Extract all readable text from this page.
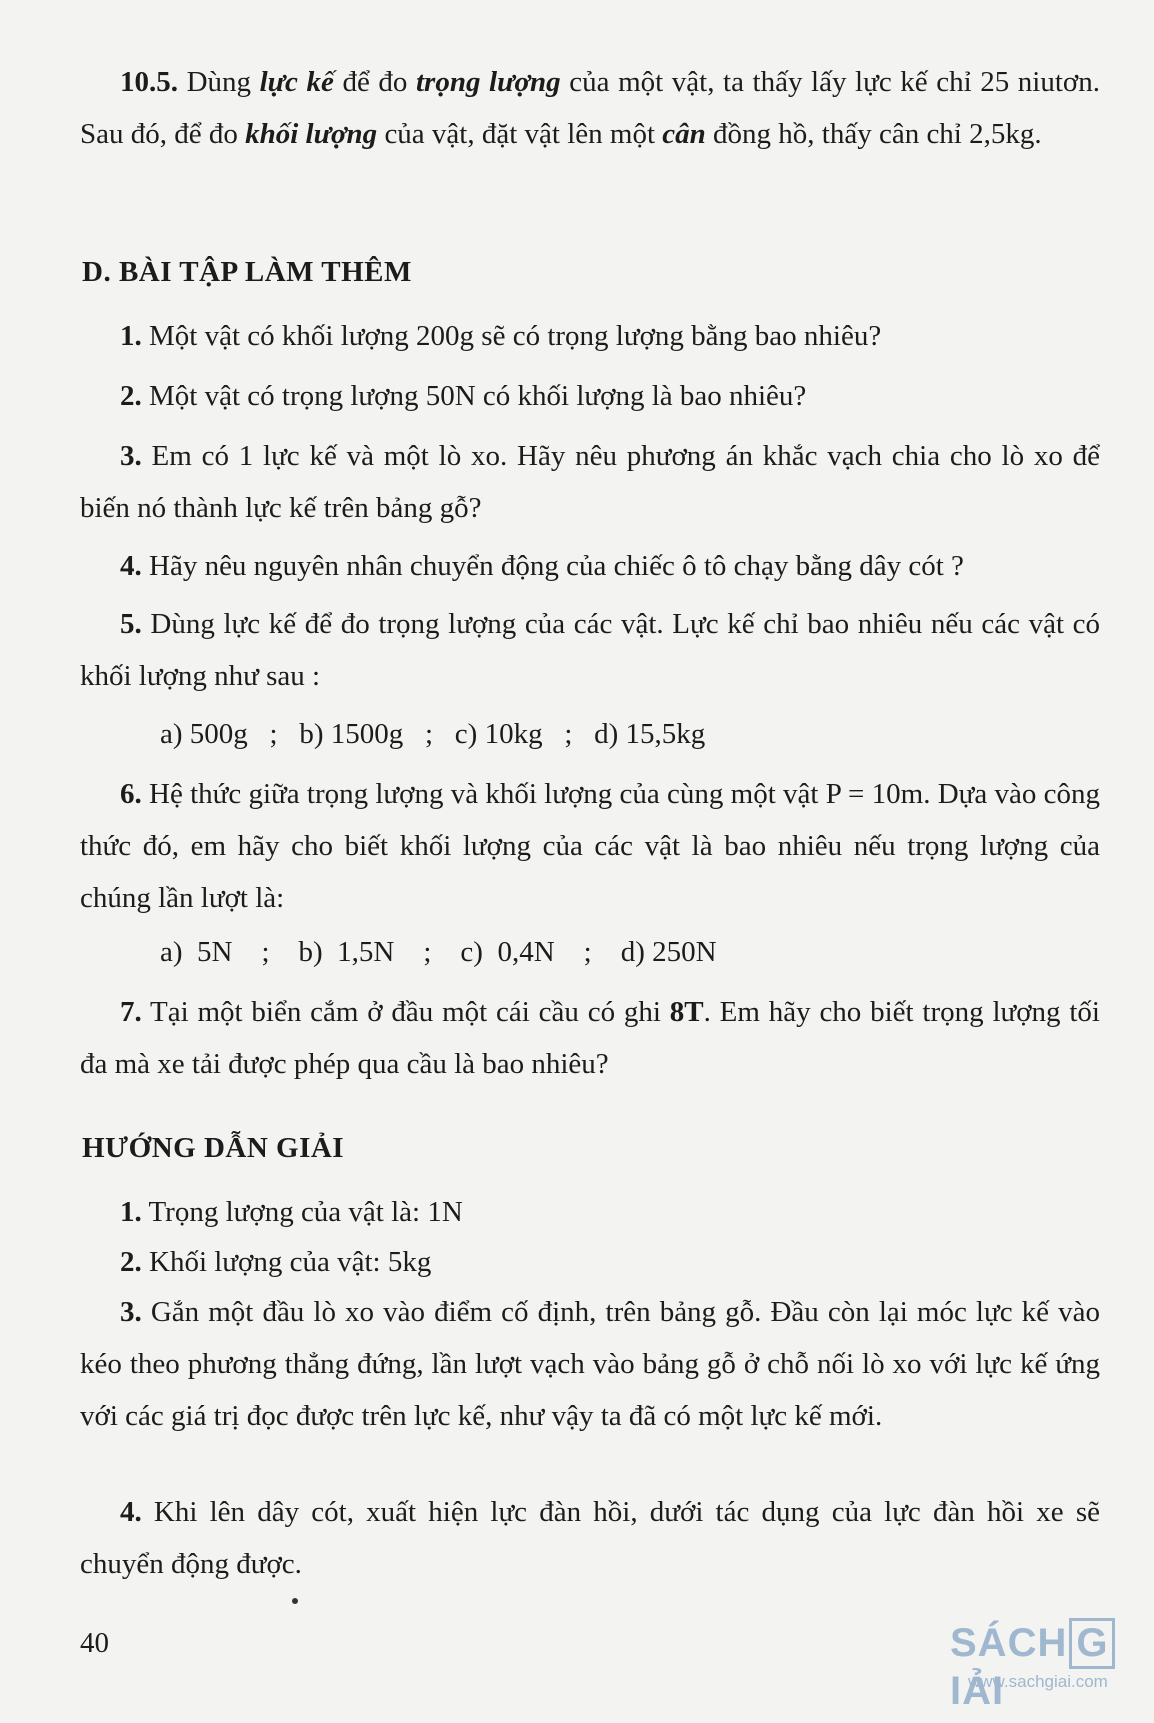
10.5. Dùng lực kế để đo trọng lượng của một vật, ta thấy lấy lực kế chỉ 25 niutơn. Sau đó, để đo khối lượng của vật, đặt vật lên một cân đồng hồ, thấy cân chỉ 2,5kg.

D. BÀI TẬP LÀM THÊM

1. Một vật có khối lượng 200g sẽ có trọng lượng bằng bao nhiêu?

2. Một vật có trọng lượng 50N có khối lượng là bao nhiêu?

3. Em có 1 lực kế và một lò xo. Hãy nêu phương án khắc vạch chia cho lò xo để biến nó thành lực kế trên bảng gỗ?

4. Hãy nêu nguyên nhân chuyển động của chiếc ô tô chạy bằng dây cót ?

5. Dùng lực kế để đo trọng lượng của các vật. Lực kế chỉ bao nhiêu nếu các vật có khối lượng như sau :

a) 500g   ;   b) 1500g   ;   c) 10kg   ;   d) 15,5kg

6. Hệ thức giữa trọng lượng và khối lượng của cùng một vật P = 10m. Dựa vào công thức đó, em hãy cho biết khối lượng của các vật là bao nhiêu nếu trọng lượng của chúng lần lượt là:

a)  5N    ;    b)  1,5N    ;    c)  0,4N    ;    d) 250N

7. Tại một biển cắm ở đầu một cái cầu có ghi 8T. Em hãy cho biết trọng lượng tối đa mà xe tải được phép qua cầu là bao nhiêu?

HƯỚNG DẪN GIẢI

1. Trọng lượng của vật là: 1N

2. Khối lượng của vật: 5kg

3. Gắn một đầu lò xo vào điểm cố định, trên bảng gỗ. Đầu còn lại móc lực kế vào kéo theo phương thẳng đứng, lần lượt vạch vào bảng gỗ ở chỗ nối lò xo với lực kế ứng với các giá trị đọc được trên lực kế, như vậy ta đã có một lực kế mới.

4. Khi lên dây cót, xuất hiện lực đàn hồi, dưới tác dụng của lực đàn hồi xe sẽ chuyển động được.

40	SÁCH GIẢI
www.sachgiai.com
